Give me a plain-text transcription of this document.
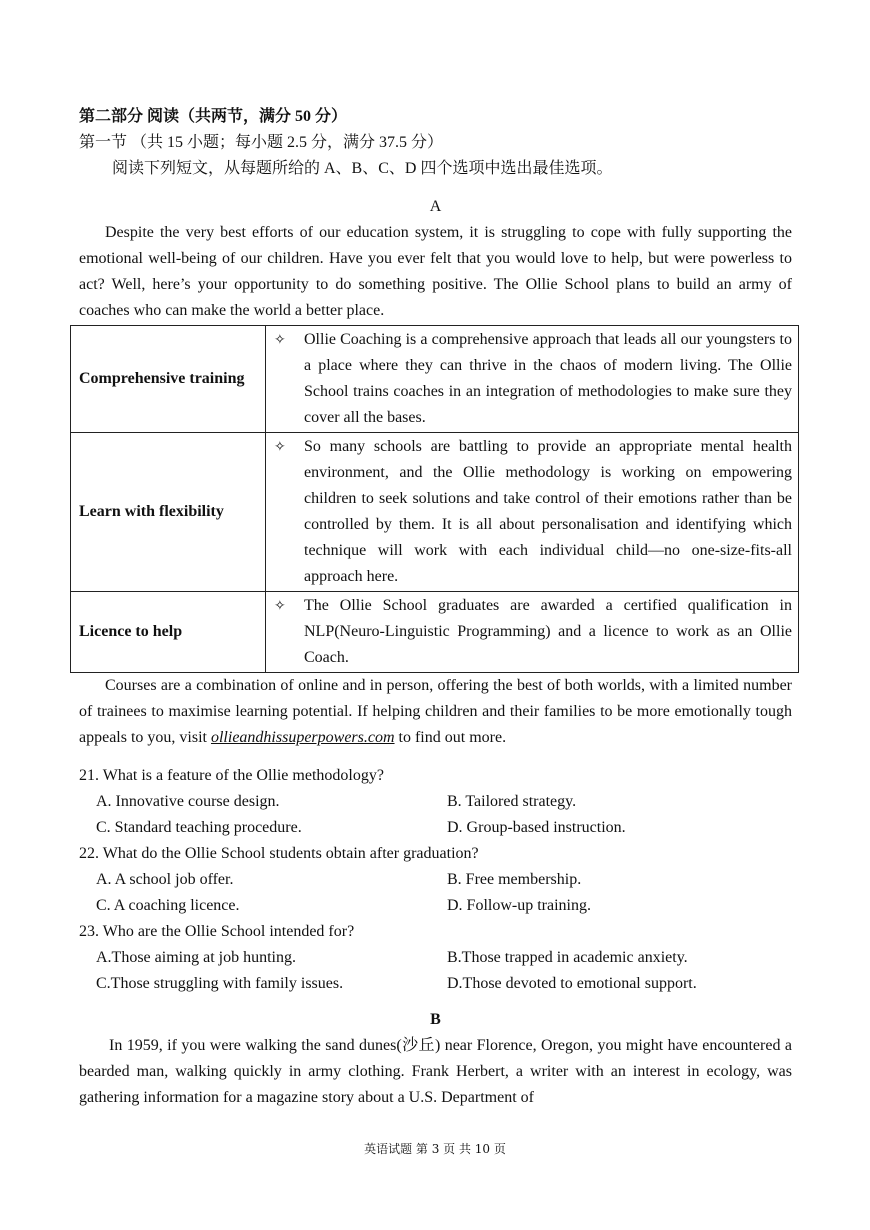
第二部分 阅读（共两节，满分 50 分）
第一节 （共 15 小题；每小题 2.5 分，满分 37.5 分）
阅读下列短文，从每题所给的 A、B、C、D 四个选项中选出最佳选项。
A

Despite the very best efforts of our education system, it is struggling to cope with fully supporting the emotional well-being of our children. Have you ever felt that you would love to help, but were powerless to act? Well, here’s your opportunity to do something positive. The Ollie School plans to build an army of coaches who can make the world a better place.

Comprehensive training	✧ Ollie Coaching is a comprehensive approach that leads all our youngsters to a place where they can thrive in the chaos of modern living. The Ollie School trains coaches in an integration of methodologies to make sure they cover all the bases.

Learn with flexibility	✧ So many schools are battling to provide an appropriate mental health environment, and the Ollie methodology is working on empowering children to seek solutions and take control of their emotions rather than be controlled by them. It is all about personalisation and identifying which technique will work with each individual child—no one-size-fits-all approach here.

Licence to help	✧ The Ollie School graduates are awarded a certified qualification in NLP(Neuro-Linguistic Programming) and a licence to work as an Ollie Coach.

Courses are a combination of online and in person, offering the best of both worlds, with a limited number of trainees to maximise learning potential. If helping children and their families to be more emotionally tough appeals to you, visit ollieandhissuperpowers.com to find out more.

21. What is a feature of the Ollie methodology?
A. Innovative course design.	B. Tailored strategy.
C. Standard teaching procedure.	D. Group-based instruction.
22. What do the Ollie School students obtain after graduation?
A. A school job offer.	B. Free membership.
C. A coaching licence.	D. Follow-up training.
23. Who are the Ollie School intended for?
A.Those aiming at job hunting.	B.Those trapped in academic anxiety.
C.Those struggling with family issues.	D.Those devoted to emotional support.
B

In 1959, if you were walking the sand dunes(沙丘) near Florence, Oregon, you might have encountered a bearded man, walking quickly in army clothing. Frank Herbert, a writer with an interest in ecology, was gathering information for a magazine story about a U.S. Department of

英语试题 第 3 页 共 10 页
